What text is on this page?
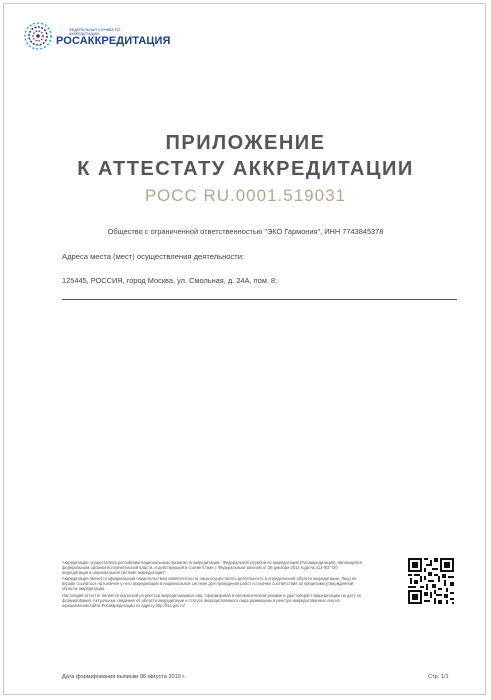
ФЕДЕРАЛЬНАЯ СЛУЖБА ПО АККРЕДИТАЦИИ
РОСАККРЕДИТАЦИЯ
ПРИЛОЖЕНИЕ
К АТТЕСТАТУ АККРЕДИТАЦИИ
РОСС RU.0001.519031
Общество с ограниченной ответственностью "ЭКО Гармония", ИНН 7743845378
Адреса места (мест) осуществления деятельности:
125445, РОССИЯ, город Москва, ул. Смольная, д. 24А, пом. 8;

Аккредитация осуществлена российским национальным органом по аккредитации - Федеральной службой по аккредитации (Росаккредитация), являющейся федеральным органом исполнительной власти, и действующей в соответствии с Федеральным законом от 28 декабря 2013 года № 412-ФЗ "Об аккредитации в национальной системе аккредитации"

Аккредитация является официальным свидетельством компетентности лица осуществлять деятельность в определенной области аккредитации. Лицо не вправе ссылаться на наличие у него аккредитации в национальной системе для проведения работ по оценке соответствия за пределами утвержденной области аккредитации

Настоящий аттестат является выпиской из реестра аккредитованных лиц, сформирован в автоматическом режиме и удостоверяет аккредитацию на дату ее формирования. Актуальные сведения об области аккредитации и статусе аккредитованного лица размещены в реестре аккредитованных лиц на официальном сайте Росаккредитации по адресу http://fsa.gov.ru/

Дата формирования выписки 06 августа 2019 г.	Стр. 1/1
